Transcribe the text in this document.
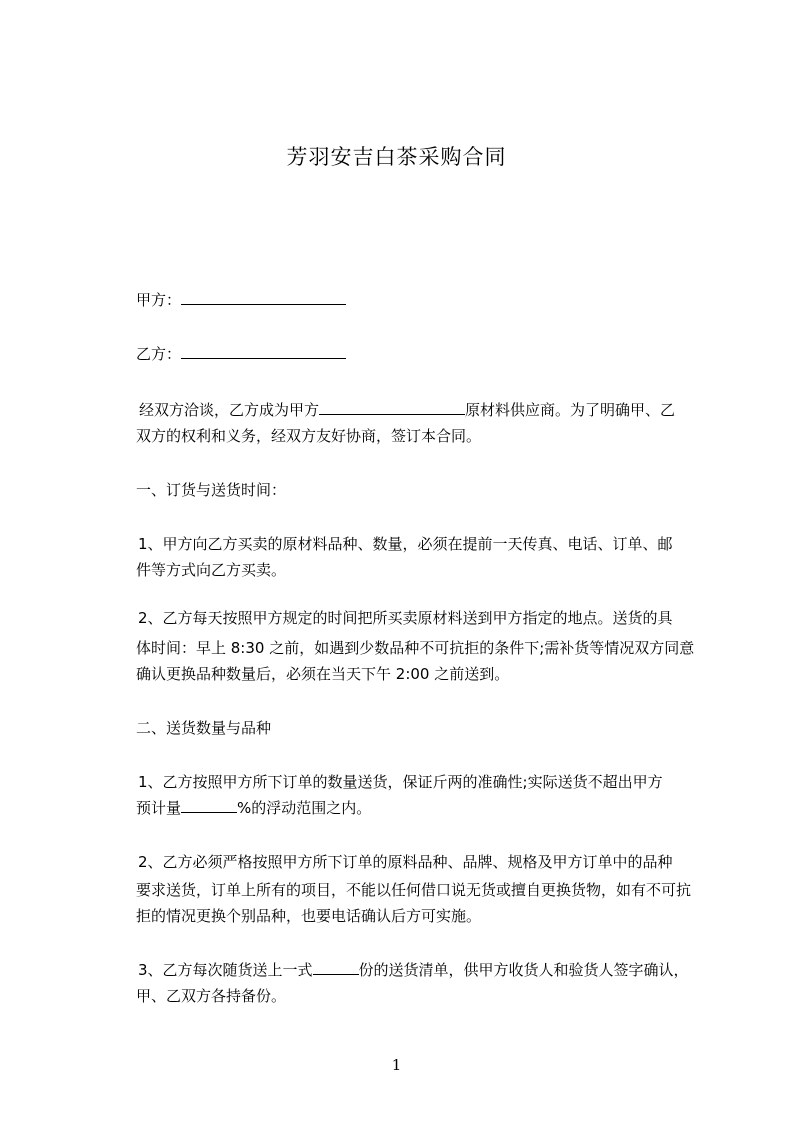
芳羽安吉白茶采购合同
甲方：
乙方：
经双方洽谈，乙方成为甲方	原材料供应商。为了明确甲、乙
双方的权利和义务，经双方友好协商，签订本合同。
一、订货与送货时间：
1、甲方向乙方买卖的原材料品种、数量，必须在提前一天传真、电话、订单、邮
件等方式向乙方买卖。
2、乙方每天按照甲方规定的时间把所买卖原材料送到甲方指定的地点。送货的具
体时间：早上 8:30 之前，如遇到少数品种不可抗拒的条件下;需补货等情况双方同意
确认更换品种数量后，必须在当天下午 2:00 之前送到。
二、送货数量与品种
1、乙方按照甲方所下订单的数量送货，保证斤两的准确性;实际送货不超出甲方
预计量	%的浮动范围之内。
2、乙方必须严格按照甲方所下订单的原料品种、品牌、规格及甲方订单中的品种
要求送货，订单上所有的项目，不能以任何借口说无货或擅自更换货物，如有不可抗
拒的情况更换个别品种，也要电话确认后方可实施。
3、乙方每次随货送上一式	份的送货清单，供甲方收货人和验货人签字确认，
甲、乙双方各持备份。
1
